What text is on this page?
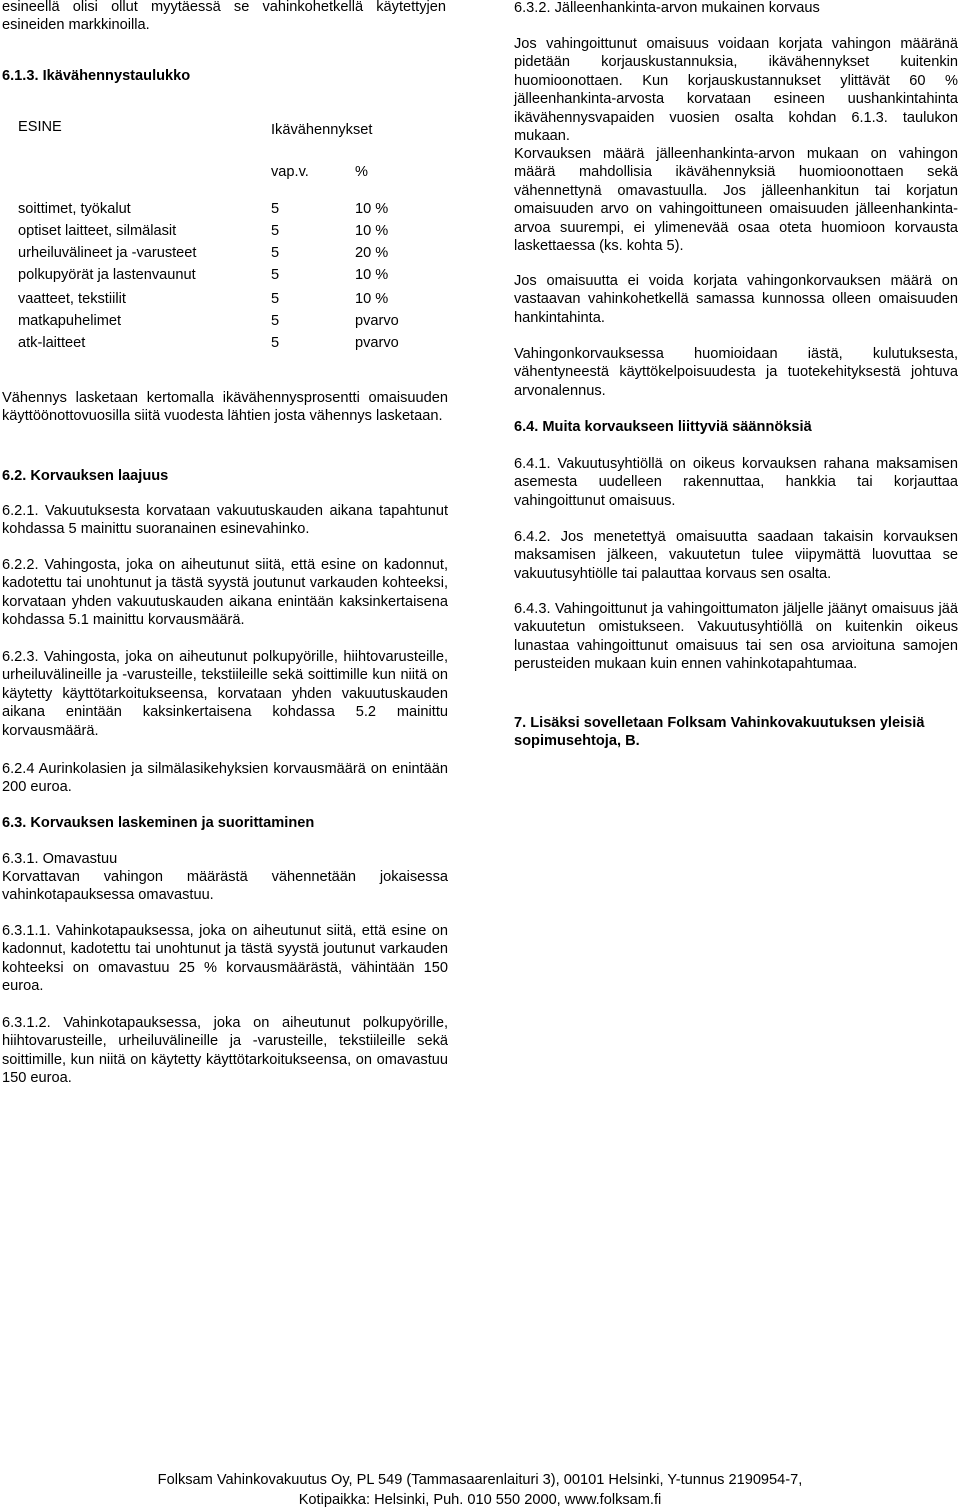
esineellä olisi ollut myytäessä se vahinkohetkellä käytettyjen esineiden markkinoilla.

6.1.3. Ikävähennystaulukko

ESINE	Ikävähennykset
vap.v.	%
soittimet, työkalut	5	10 %
optiset laitteet, silmälasit	5	10 %
urheiluvälineet ja -varusteet	5	20 %
polkupyörät ja lastenvaunut	5	10 %
vaatteet, tekstiilit	5	10 %
matkapuhelimet	5	pvarvo
atk-laitteet	5	pvarvo

Vähennys lasketaan kertomalla ikävähennysprosentti omaisuuden käyttöönottovuosilla siitä vuodesta lähtien josta vähennys lasketaan.

6.2. Korvauksen laajuus

6.2.1. Vakuutuksesta korvataan vakuutuskauden aikana tapahtunut kohdassa 5 mainittu suoranainen esinevahinko.

6.2.2. Vahingosta, joka on aiheutunut siitä, että esine on kadonnut, kadotettu tai unohtunut ja tästä syystä joutunut varkauden kohteeksi, korvataan yhden vakuutuskauden aikana enintään kaksinkertaisena kohdassa 5.1 mainittu korvausmäärä.

6.2.3. Vahingosta, joka on aiheutunut polkupyörille, hiihtovarusteille, urheiluvälineille ja -varusteille, tekstiileille sekä soittimille kun niitä on käytetty käyttötarkoitukseensa, korvataan yhden vakuutuskauden aikana enintään kaksinkertaisena kohdassa 5.2 mainittu korvausmäärä.

6.2.4 Aurinkolasien ja silmälasikehyksien korvausmäärä on enintään 200 euroa.

6.3. Korvauksen laskeminen ja suorittaminen

6.3.1. Omavastuu

Korvattavan vahingon määrästä vähennetään jokaisessa vahinkotapauksessa omavastuu.

6.3.1.1. Vahinkotapauksessa, joka on aiheutunut siitä, että esine on kadonnut, kadotettu tai unohtunut ja tästä syystä joutunut varkauden kohteeksi on omavastuu 25 % korvausmäärästä, vähintään 150 euroa.

6.3.1.2. Vahinkotapauksessa, joka on aiheutunut polkupyörille, hiihtovarusteille, urheiluvälineille ja -varusteille, tekstiileille sekä soittimille, kun niitä on käytetty käyttötarkoitukseensa, on omavastuu 150 euroa.

6.3.2. Jälleenhankinta-arvon mukainen korvaus

Jos vahingoittunut omaisuus voidaan korjata vahingon määränä pidetään korjauskustannuksia, ikävähennykset kuitenkin huomioonottaen. Kun korjauskustannukset ylittävät 60 % jälleenhankinta-arvosta korvataan esineen uushankintahinta ikävähennysvapaiden vuosien osalta kohdan 6.1.3. taulukon mukaan.

Korvauksen määrä jälleenhankinta-arvon mukaan on vahingon määrä mahdollisia ikävähennyksiä huomioonottaen sekä vähennettynä omavastuulla. Jos jälleenhankitun tai korjatun omaisuuden arvo on vahingoittuneen omaisuuden jälleenhankinta-arvoa suurempi, ei ylimenevää osaa oteta huomioon korvausta laskettaessa (ks. kohta 5).

Jos omaisuutta ei voida korjata vahingonkorvauksen määrä on vastaavan vahinkohetkellä samassa kunnossa olleen omaisuuden hankintahinta.

Vahingonkorvauksessa huomioidaan iästä, kulutuksesta, vähentyneestä käyttökelpoisuudesta ja tuotekehityksestä johtuva arvonalennus.

6.4. Muita korvaukseen liittyviä säännöksiä

6.4.1. Vakuutusyhtiöllä on oikeus korvauksen rahana maksamisen asemesta uudelleen rakennuttaa, hankkia tai korjauttaa vahingoittunut omaisuus.

6.4.2. Jos menetettyä omaisuutta saadaan takaisin korvauksen maksamisen jälkeen, vakuutetun tulee viipymättä luovuttaa se vakuutusyhtiölle tai palauttaa korvaus sen osalta.

6.4.3. Vahingoittunut ja vahingoittumaton jäljelle jäänyt omaisuus jää vakuutetun omistukseen. Vakuutusyhtiöllä on kuitenkin oikeus lunastaa vahingoittunut omaisuus tai sen osa arvioituna samojen perusteiden mukaan kuin ennen vahinkotapahtumaa.

7. Lisäksi sovelletaan Folksam Vahinkovakuutuksen yleisiä sopimusehtoja, B.

Folksam Vahinkovakuutus Oy, PL 549 (Tammasaarenlaituri 3), 00101 Helsinki, Y-tunnus 2190954-7,
Kotipaikka: Helsinki, Puh. 010 550 2000, www.folksam.fi
